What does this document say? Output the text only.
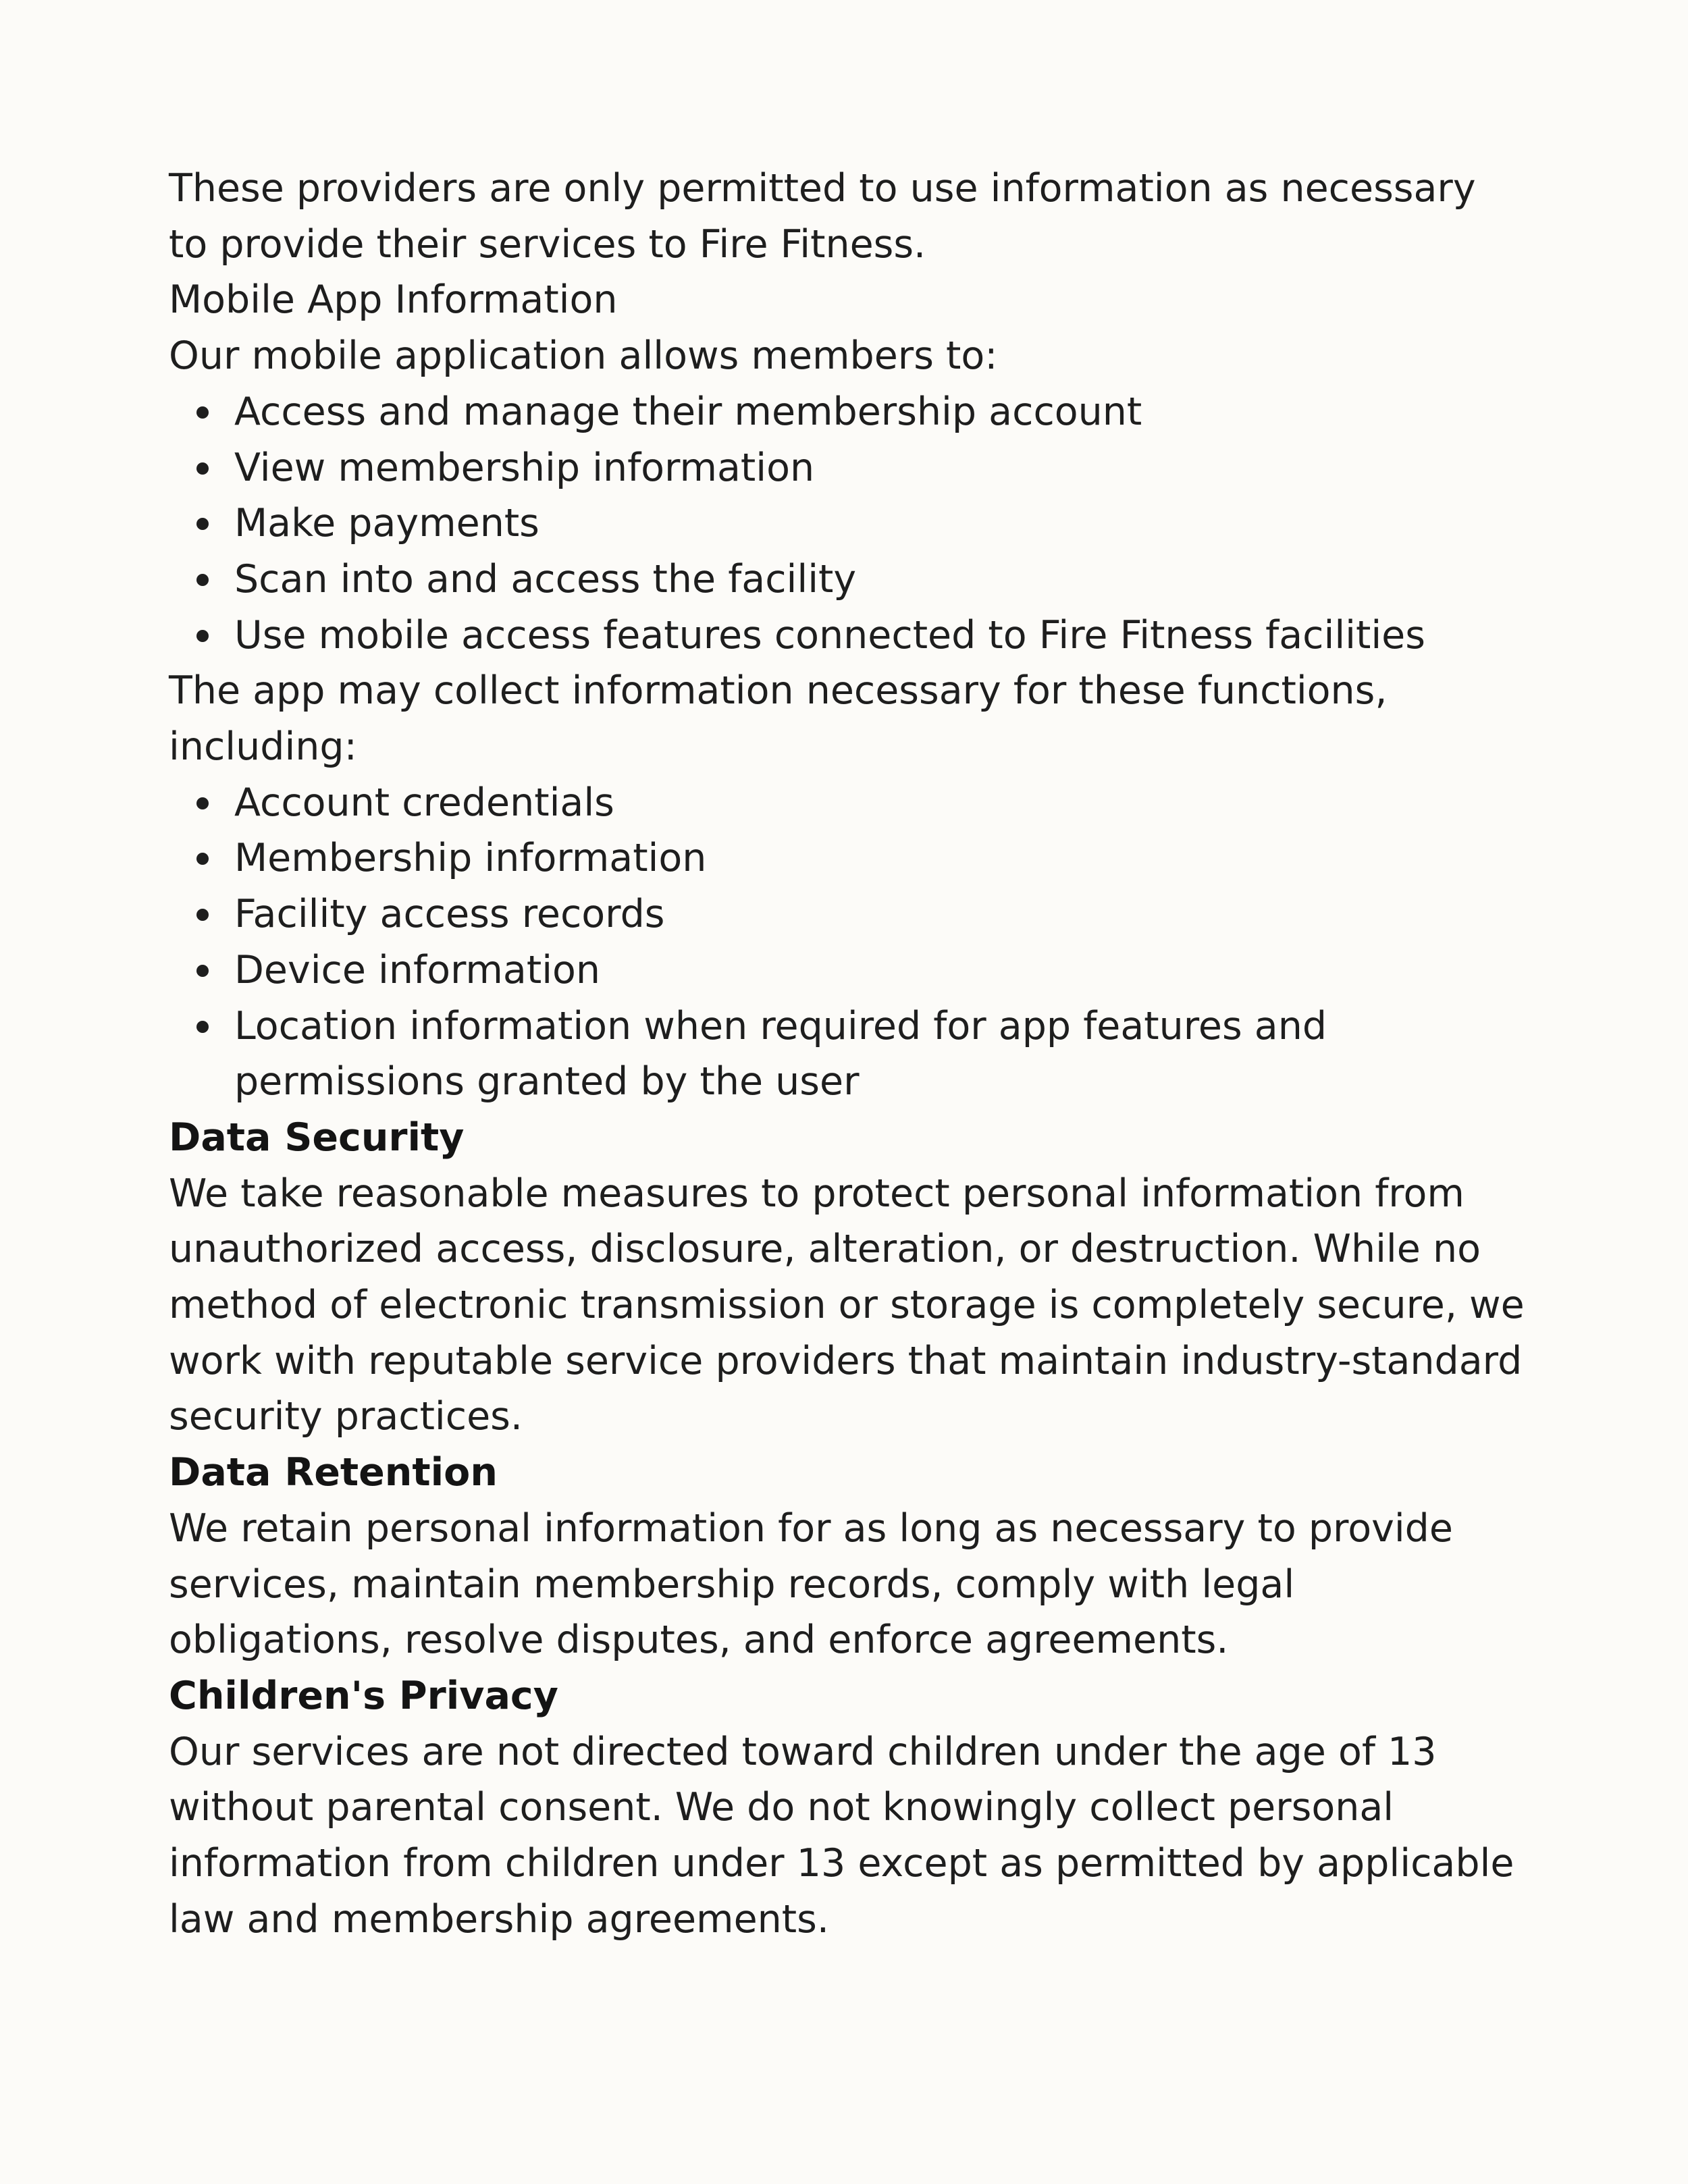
These providers are only permitted to use information as necessary to provide their services to Fire Fitness.

Mobile App Information

Our mobile application allows members to:

Access and manage their membership account
View membership information
Make payments
Scan into and access the facility
Use mobile access features connected to Fire Fitness facilities

The app may collect information necessary for these functions, including:

Account credentials
Membership information
Facility access records
Device information
Location information when required for app features and permissions granted by the user
Data Security

We take reasonable measures to protect personal information from unauthorized access, disclosure, alteration, or destruction. While no method of electronic transmission or storage is completely secure, we work with reputable service providers that maintain industry-standard security practices.

Data Retention

We retain personal information for as long as necessary to provide services, maintain membership records, comply with legal obligations, resolve disputes, and enforce agreements.

Children's Privacy

Our services are not directed toward children under the age of 13 without parental consent. We do not knowingly collect personal information from children under 13 except as permitted by applicable law and membership agreements.
